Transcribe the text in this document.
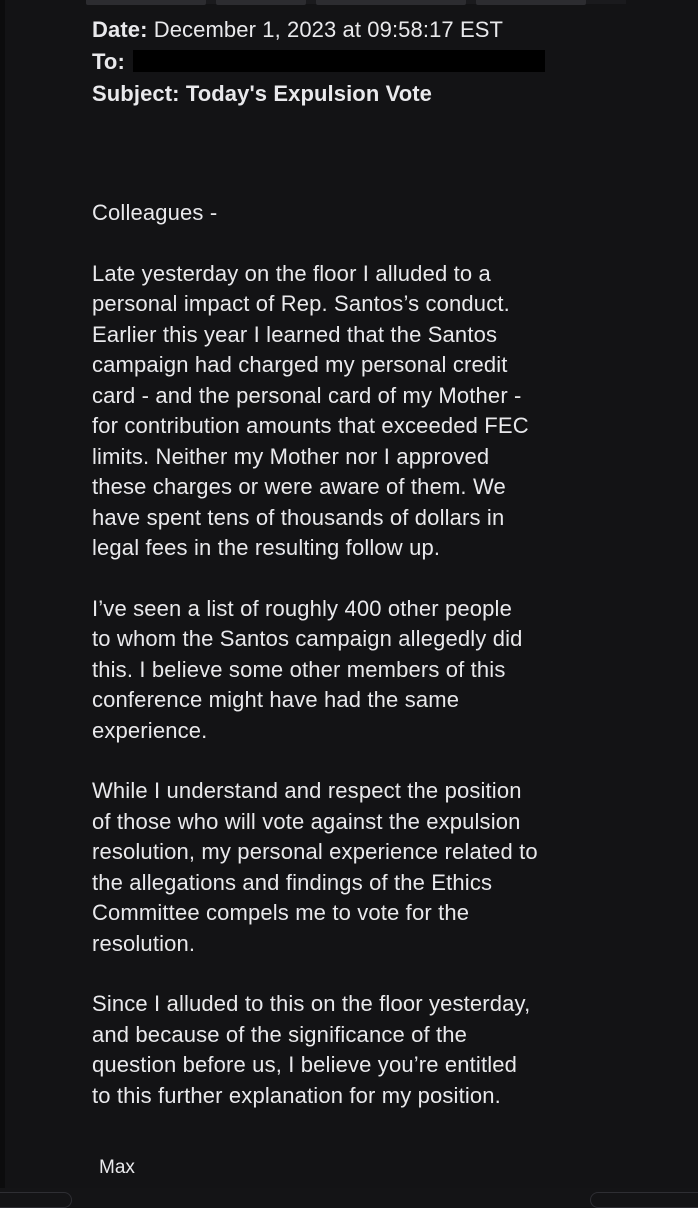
Date: December 1, 2023 at 09:58:17 EST
To:
Subject: Today's Expulsion Vote

Colleagues -

Late yesterday on the floor I alluded to a
personal impact of Rep. Santos’s conduct.
Earlier this year I learned that the Santos
campaign had charged my personal credit
card - and the personal card of my Mother -
for contribution amounts that exceeded FEC
limits. Neither my Mother nor I approved
these charges or were aware of them. We
have spent tens of thousands of dollars in
legal fees in the resulting follow up.

I’ve seen a list of roughly 400 other people
to whom the Santos campaign allegedly did
this. I believe some other members of this
conference might have had the same
experience.

While I understand and respect the position
of those who will vote against the expulsion
resolution, my personal experience related to
the allegations and findings of the Ethics
Committee compels me to vote for the
resolution.

Since I alluded to this on the floor yesterday,
and because of the significance of the
question before us, I believe you’re entitled
to this further explanation for my position.

Max
